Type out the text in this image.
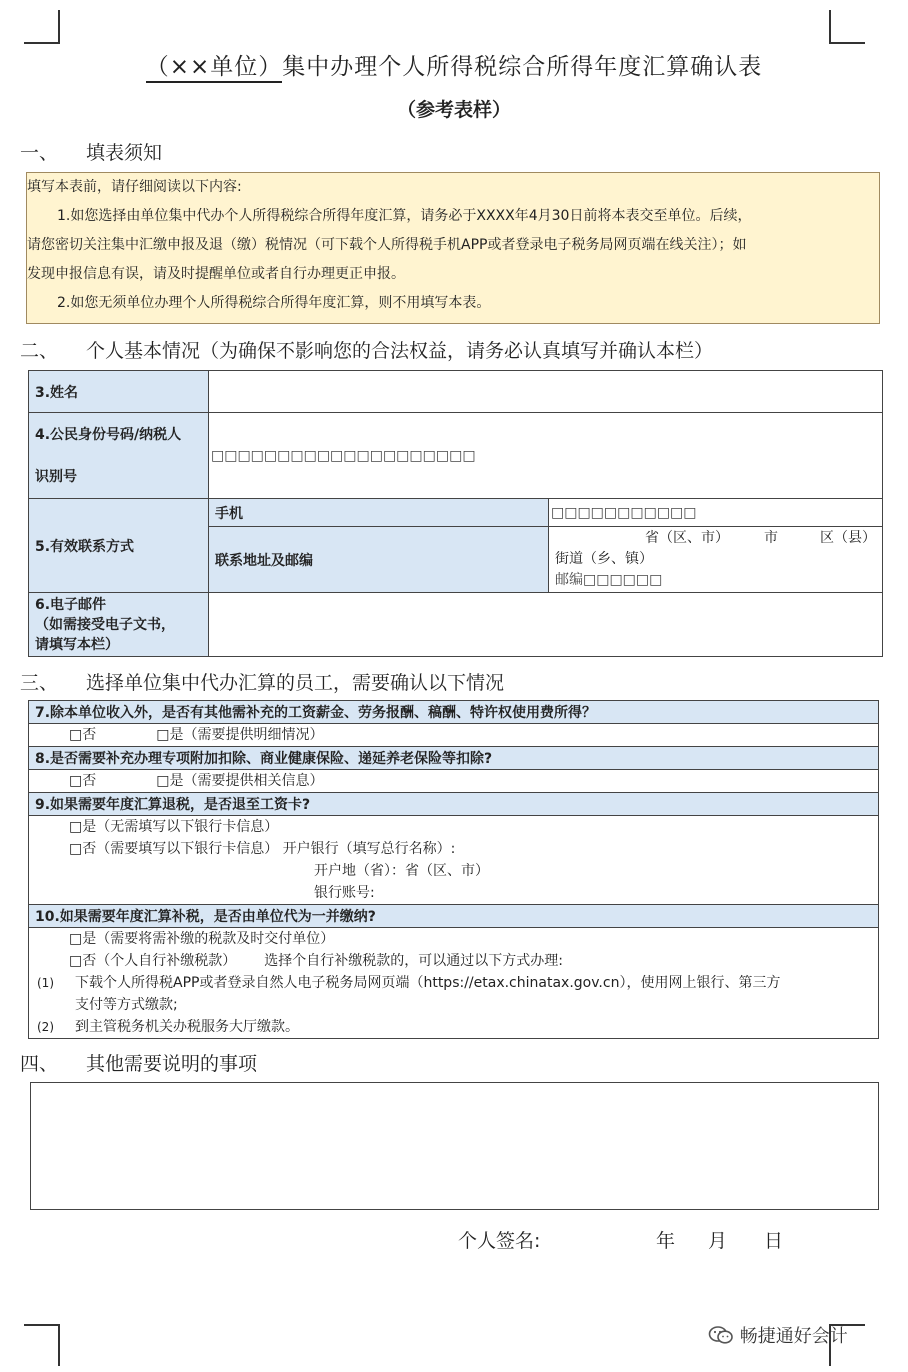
（××单位）集中办理个人所得税综合所得年度汇算确认表
（参考表样）
一、 填表须知

填写本表前，请仔细阅读以下内容:

1.如您选择由单位集中代办个人所得税综合所得年度汇算，请务必于XXXX年4月30日前将本表交至单位。后续，

请您密切关注集中汇缴申报及退（缴）税情况（可下载个人所得税手机APP或者登录电子税务局网页端在线关注）；如

发现申报信息有误，请及时提醒单位或者自行办理更正申报。

2.如您无须单位办理个人所得税综合所得年度汇算，则不用填写本表。

二、 个人基本情况（为确保不影响您的合法权益，请务必认真填写并确认本栏）
3.姓名		

4.公民身份号码/纳税人
识别号	□□□□□□□□□□□□□□□□□□□□	
5.有效联系方式	手机	□□□□□□□□□□□
	联系地址及邮编	省（区、市）　　　市　　　区（县）
街道（乡、镇）
邮编□□□□□□

6.电子邮件
（如需接受电子文书，
请填写本栏）		

三、 选择单位集中代办汇算的员工，需要确认以下情况
7.除本单位收入外，是否有其他需补充的工资薪金、劳务报酬、稿酬、特许权使用费所得？
□否	□是（需要提供明细情况）
8.是否需要补充办理专项附加扣除、商业健康保险、递延养老保险等扣除?
□否	□是（需要提供相关信息）
9.如果需要年度汇算退税，是否退至工资卡?

□是（无需填写以下银行卡信息）
□否（需要填写以下银行卡信息） 开户银行（填写总行名称）:
开户地（省）：省（区、市）
银行账号:

10.如果需要年度汇算补税，是否由单位代为一并缴纳?

□是（需要将需补缴的税款及时交付单位）
□否（个人自行补缴税款） 选择个自行补缴税款的，可以通过以下方式办理:
(1)	下载个人所得税APP或者登录自然人电子税务局网页端（https://etax.chinatax.gov.cn），使用网上银行、第三方
支付等方式缴款;
(2)	到主管税务机关办税服务大厅缴款。
四、 其他需要说明的事项
个人签名:	年 月 日
畅捷通好会计
